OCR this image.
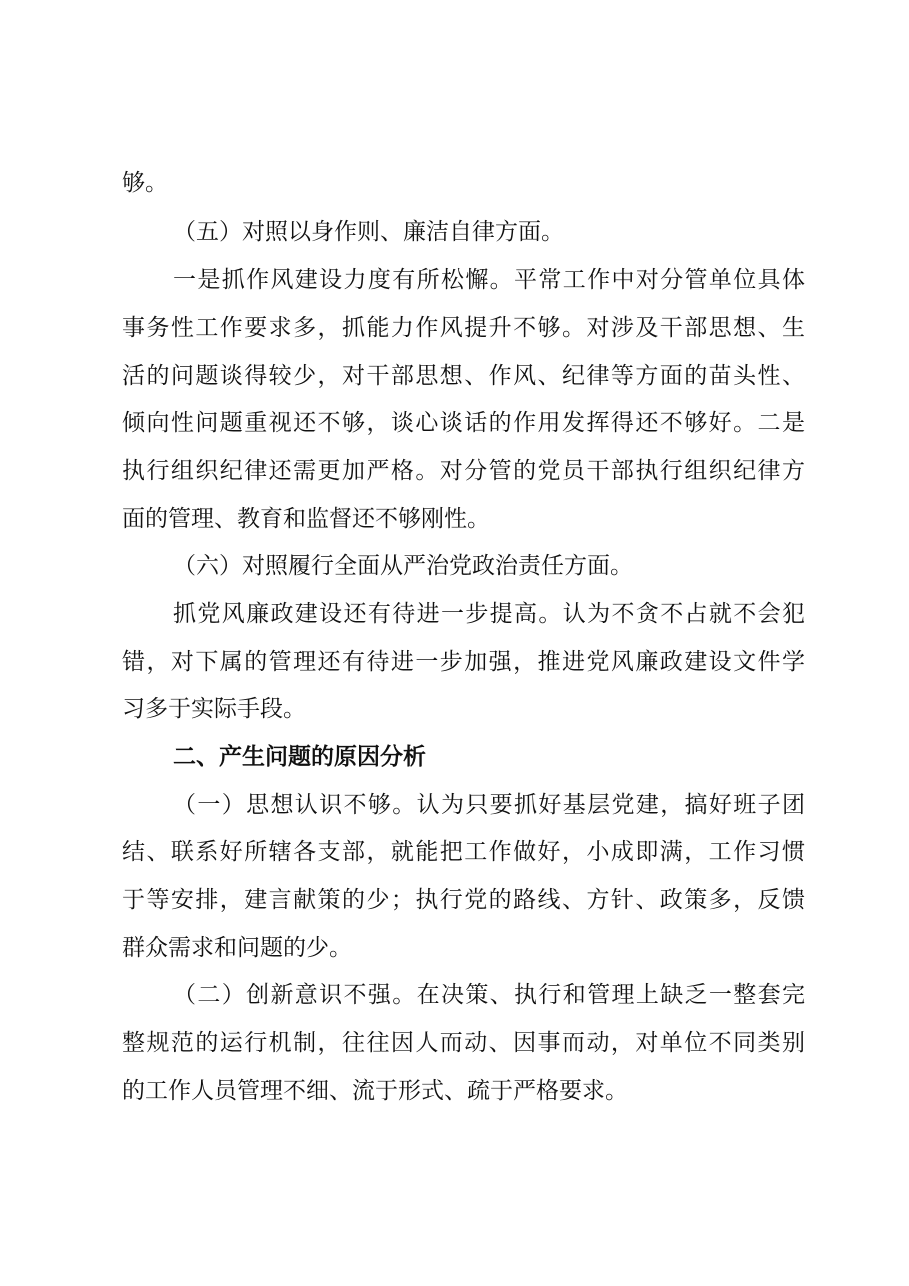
够。
（五）对照以身作则、廉洁自律方面。
一是抓作风建设力度有所松懈。平常工作中对分管单位具体
事务性工作要求多，抓能力作风提升不够。对涉及干部思想、生
活的问题谈得较少，对干部思想、作风、纪律等方面的苗头性、
倾向性问题重视还不够，谈心谈话的作用发挥得还不够好。二是
执行组织纪律还需更加严格。对分管的党员干部执行组织纪律方
面的管理、教育和监督还不够刚性。
（六）对照履行全面从严治党政治责任方面。
抓党风廉政建设还有待进一步提高。认为不贪不占就不会犯
错，对下属的管理还有待进一步加强，推进党风廉政建设文件学
习多于实际手段。
二、产生问题的原因分析
（一）思想认识不够。认为只要抓好基层党建，搞好班子团
结、联系好所辖各支部，就能把工作做好，小成即满，工作习惯
于等安排，建言献策的少；执行党的路线、方针、政策多，反馈
群众需求和问题的少。
（二）创新意识不强。在决策、执行和管理上缺乏一整套完
整规范的运行机制，往往因人而动、因事而动，对单位不同类别
的工作人员管理不细、流于形式、疏于严格要求。
